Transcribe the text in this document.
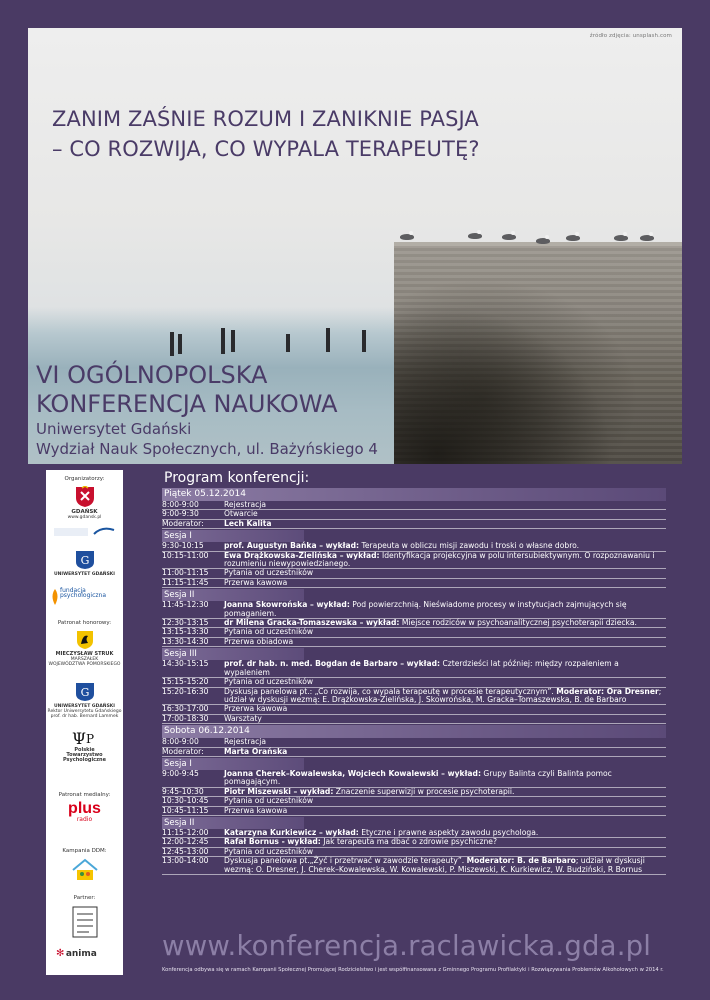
źródło zdjęcia: unsplash.com
ZANIM ZAŚNIE ROZUM I ZANIKNIE PASJA
– CO ROZWIJA, CO WYPALA TERAPEUTĘ?
VI OGÓLNOPOLSKA
KONFERENCJA NAUKOWA
Uniwersytet Gdański
Wydział Nauk Społecznych, ul. Bażyńskiego 4
Organizatorzy:
GDAŃSK
www.gdansk.pl
G
UNIWERSYTET GDAŃSKI
fundacja
psychologiczna
Patronat honorowy:
MIECZYSŁAW STRUK
MARSZAŁEK
WOJEWÓDZTWA POMORSKIEGO
G
UNIWERSYTET GDAŃSKI
Rektor Uniwersytetu Gdańskiego
prof. dr hab. Bernard Lammek
Ψ P
Polskie
Towarzystwo
Psychologiczne
Patronat medialny:
plus
radio
Kampania DDM:
Partner:
✻ anima
Program konferencji:
Piątek 05.12.2014
8:00-9:00	Rejestracja
9:00-9:30	Otwarcie
Moderator:	Lech Kalita
Sesja I
9:30-10:15	prof. Augustyn Bańka – wykład: Terapeuta w obliczu misji zawodu i troski o własne dobro.
10:15-11:00	Ewa Drążkowska-Zielińska – wykład: Identyfikacja projekcyjna w polu intersubiektywnym. O rozpoznawaniu i rozumieniu niewypowiedzianego.
11:00-11:15	Pytania od uczestników
11:15-11:45	Przerwa kawowa
Sesja II
11:45-12:30	Joanna Skowrońska – wykład: Pod powierzchnią. Nieświadome procesy w instytucjach zajmujących się pomaganiem.
12:30-13:15	dr Milena Gracka-Tomaszewska – wykład: Miejsce rodziców w psychoanalitycznej psychoterapii dziecka.
13:15-13:30	Pytania od uczestników
13:30-14:30	Przerwa obiadowa
Sesja III
14:30-15:15	prof. dr hab. n. med. Bogdan de Barbaro – wykład: Czterdzieści lat później: między rozpaleniem a wypaleniem
15:15-15:20	Pytania od uczestników
15:20-16:30	Dyskusja panelowa pt.: „Co rozwija, co wypala terapeutę w procesie terapeutycznym”. Moderator: Ora Dresner; udział w dyskusji wezmą: E. Drążkowska-Zielińska, J. Skowrońska, M. Gracka–Tomaszewska, B. de Barbaro
16:30-17:00	Przerwa kawowa
17:00-18:30	Warsztaty
Sobota 06.12.2014
8:00-9:00	Rejestracja
Moderator:	Marta Orańska
Sesja I
9:00-9:45	Joanna Cherek–Kowalewska, Wojciech Kowalewski – wykład: Grupy Balinta czyli Balinta pomoc pomagającym.
9:45-10:30	Piotr Miszewski – wykład: Znaczenie superwizji w procesie psychoterapii.
10:30-10:45	Pytania od uczestników
10:45-11:15	Przerwa kawowa
Sesja II
11:15-12:00	Katarzyna Kurkiewicz – wykład: Etyczne i prawne aspekty zawodu psychologa.
12:00-12:45	Rafał Bornus - wykład: Jak terapeuta ma dbać o zdrowie psychiczne?
12:45-13:00	Pytania od uczestników
13:00-14:00	Dyskusja panelowa pt.„Żyć i przetrwać w zawodzie terapeuty”. Moderator: B. de Barbaro; udział w dyskusji wezmą: O. Dresner, J. Cherek–Kowalewska, W. Kowalewski, P. Miszewski, K. Kurkiewicz, W. Budziński, R Bornus
www.konferencja.raclawicka.gda.pl
Konferencja odbywa się w ramach Kampanii Społecznej Promującej Rodzicielstwo i jest współfinansowana z Gminnego Programu Profilaktyki i Rozwiązywania Problemów Alkoholowych w 2014 r.
